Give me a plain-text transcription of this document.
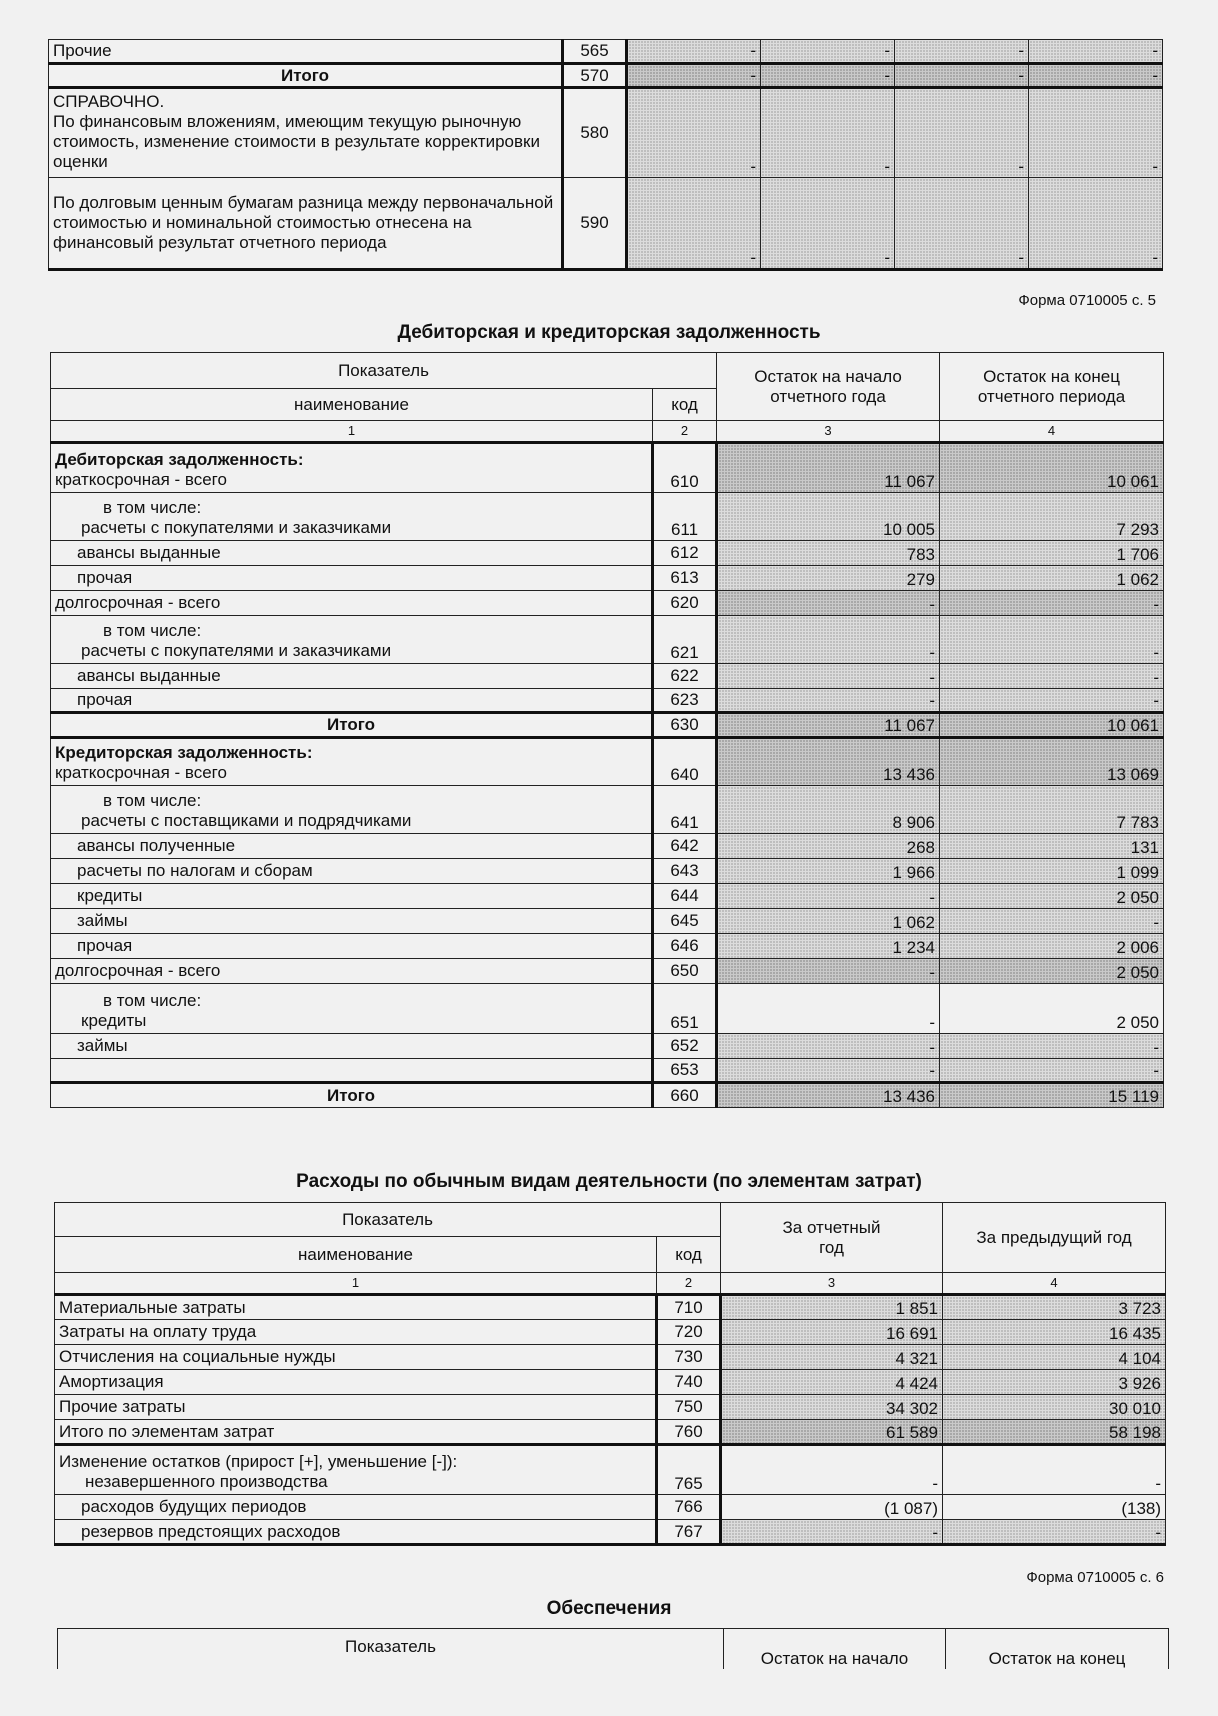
Прочие	565	-	-	-	-
Итого	570	-	-	-	-

СПРАВОЧНО.
По финансовым вложениям, имеющим текущую рыночную стоимость, изменение стоимости в результате корректировки оценки	580	-	-	-	-
По долговым ценным бумагам разница между первоначальной стоимостью и номинальной стоимостью отнесена на финансовый результат отчетного периода	590	-	-	-	-
Форма 0710005 с. 5
Дебиторская и кредиторская задолженность
Показатель		Остаток на начало отчетного года	Остаток на конец отчетного периода
наименование	код		
1	2	3	4

Дебиторская задолженность:
краткосрочная - всего	610	11 067	10 061

в том числе:
расчеты с покупателями и заказчиками	611	10 005	7 293
авансы выданные	612	783	1 706
прочая	613	279	1 062
долгосрочная - всего	620	-	-

в том числе:
расчеты с покупателями и заказчиками	621	-	-
авансы выданные	622	-	-
прочая	623	-	-
Итого	630	11 067	10 061

Кредиторская задолженность:
краткосрочная - всего	640	13 436	13 069

в том числе:
расчеты с поставщиками и подрядчиками	641	8 906	7 783
авансы полученные	642	268	131
расчеты по налогам и сборам	643	1 966	1 099
кредиты	644	-	2 050
займы	645	1 062	-
прочая	646	1 234	2 006
долгосрочная - всего	650	-	2 050

в том числе:
кредиты	651	-	2 050
займы	652	-	-
	653	-	-
Итого	660	13 436	15 119
Расходы по обычным видам деятельности (по элементам затрат)
Показатель		За отчетный год	За предыдущий год
наименование	код		
1	2	3	4
Материальные затраты	710	1 851	3 723
Затраты на оплату труда	720	16 691	16 435
Отчисления на социальные нужды	730	4 321	4 104
Амортизация	740	4 424	3 926
Прочие затраты	750	34 302	30 010
Итого по элементам затрат	760	61 589	58 198

Изменение остатков (прирост [+], уменьшение [-]):
незавершенного производства	765	-	-
расходов будущих периодов	766	(1 087)	(138)
резервов предстоящих расходов	767	-	-
Форма 0710005 с. 6
Обеспечения
Показатель	Остаток на начало	Остаток на конец
